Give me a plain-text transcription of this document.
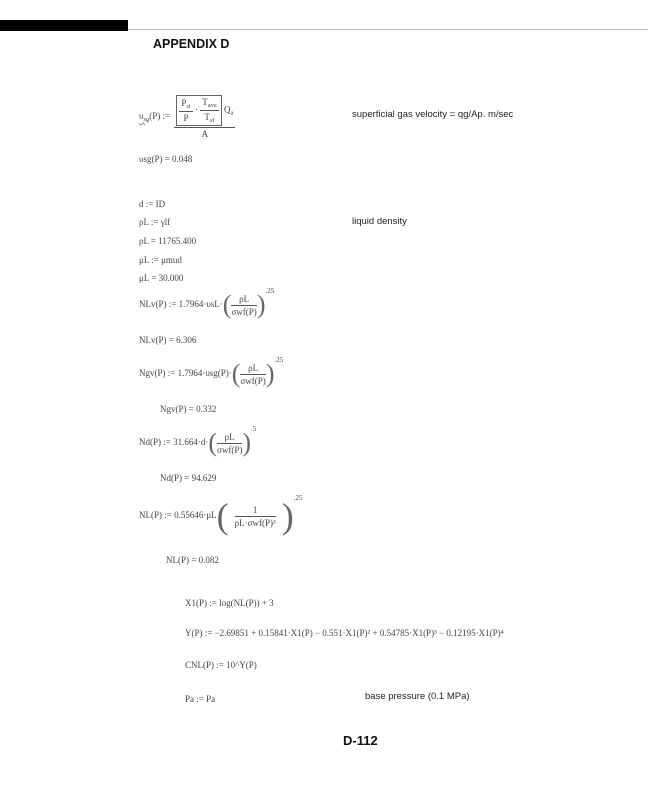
APPENDIX D
$\upsilon_{sg}(P)$ := $\frac{\frac{P_{si}}{P} \cdot \frac{T_{ave}}{T_{sf}} Q_a}{A}$	superficial gas velocity = qg/Ap. m/sec
υsg(P) = 0.048
d := ID
ρL := γlf	liquid density
ρL = 11765.400
μL := μmud
μL = 30.000
NLv(P) := $1.7964\cdot\upsilon sL\cdot( \frac{\rho L}{\text{σwf(P)}} )^{.25}$
NLv(P) = 6.306
Ngv(P) := $1.7964\cdot\upsilon sg(P)\cdot( \frac{\rho L}{\text{σwf(P)}} )^{.25}$
Ngv(P) = 0.332
Nd(P) := $31.664\cdot d\cdot( \frac{\rho L}{\text{σwf(P)}} )^{.5}$
Nd(P) = 94.629
NL(P) := $0.55646\cdot\mu L( \frac{1}{\text{ρL·σwf(P)³}} )^{.25}$
NL(P) = 0.082
X1(P) := log(NL(P)) + 3
Y(P) := −2.69851 + 0.15841·X1(P) − 0.551·X1(P)² + 0.54785·X1(P)³ − 0.12195·X1(P)⁴
CNL(P) := 10^Y(P)
Pa := Pa	base pressure (0.1 MPa)
D-112
